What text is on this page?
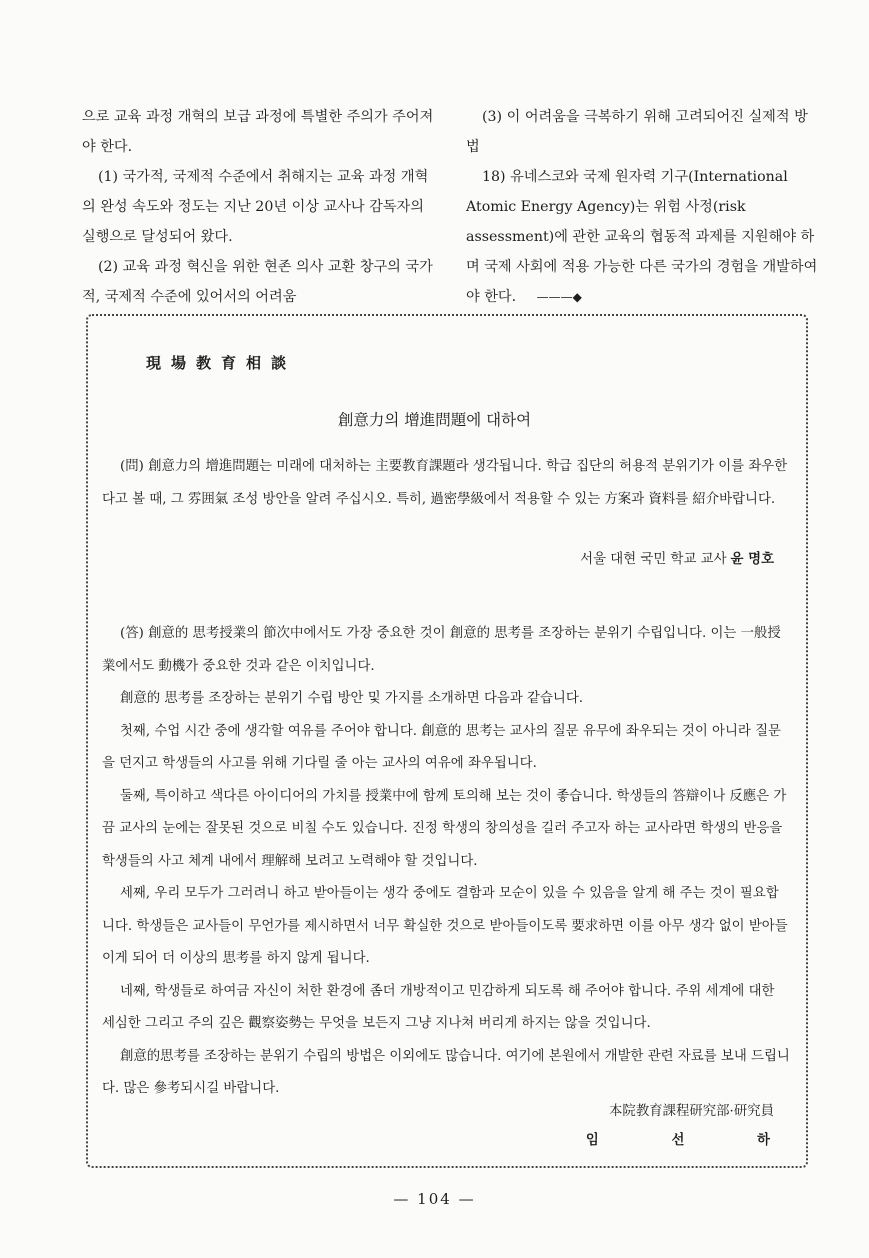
으로 교육 과정 개혁의 보급 과정에 특별한 주의가 주어져야 한다.

(1) 국가적, 국제적 수준에서 취해지는 교육 과정 개혁의 완성 속도와 정도는 지난 20년 이상 교사나 감독자의 실행으로 달성되어 왔다.

(2) 교육 과정 혁신을 위한 현존 의사 교환 창구의 국가적, 국제적 수준에 있어서의 어려움

(3) 이 어려움을 극복하기 위해 고려되어진 실제적 방법

18) 유네스코와 국제 원자력 기구(International Atomic Energy Agency)는 위험 사정(risk assessment)에 관한 교육의 협동적 과제를 지원해야 하며 국제 사회에 적용 가능한 다른 국가의 경험을 개발하여야 한다. ———◆

現場教育相談
創意力의 增進問題에 대하여

(問) 創意力의 增進問題는 미래에 대처하는 主要教育課題라 생각됩니다. 학급 집단의 허용적 분위기가 이를 좌우한다고 볼 때, 그 雰囲氣 조성 방안을 알려 주십시오. 특히, 過密學級에서 적용할 수 있는 方案과 資料를 紹介바랍니다.

서울 대현 국민 학교 교사 윤 명호

(答) 創意的 思考授業의 節次中에서도 가장 중요한 것이 創意的 思考를 조장하는 분위기 수립입니다. 이는 一般授業에서도 動機가 중요한 것과 같은 이치입니다.

創意的 思考를 조장하는 분위기 수립 방안 및 가지를 소개하면 다음과 같습니다.

첫째, 수업 시간 중에 생각할 여유를 주어야 합니다. 創意的 思考는 교사의 질문 유무에 좌우되는 것이 아니라 질문을 던지고 학생들의 사고를 위해 기다릴 줄 아는 교사의 여유에 좌우됩니다.

둘째, 특이하고 색다른 아이디어의 가치를 授業中에 함께 토의해 보는 것이 좋습니다. 학생들의 答辯이나 反應은 가끔 교사의 눈에는 잘못된 것으로 비칠 수도 있습니다. 진정 학생의 창의성을 길러 주고자 하는 교사라면 학생의 반응을 학생들의 사고 체계 내에서 理解해 보려고 노력해야 할 것입니다.

세째, 우리 모두가 그러려니 하고 받아들이는 생각 중에도 결함과 모순이 있을 수 있음을 알게 해 주는 것이 필요합니다. 학생들은 교사들이 무언가를 제시하면서 너무 확실한 것으로 받아들이도록 要求하면 이를 아무 생각 없이 받아들이게 되어 더 이상의 思考를 하지 않게 됩니다.

네째, 학생들로 하여금 자신이 처한 환경에 좀더 개방적이고 민감하게 되도록 해 주어야 합니다. 주위 세계에 대한 세심한 그리고 주의 깊은 觀察姿勢는 무엇을 보든지 그냥 지나쳐 버리게 하지는 않을 것입니다.

創意的思考를 조장하는 분위기 수립의 방법은 이외에도 많습니다. 여기에 본원에서 개발한 관련 자료를 보내 드립니다. 많은 參考되시길 바랍니다.

本院教育課程研究部·研究員
임 선 하
— 104 —
